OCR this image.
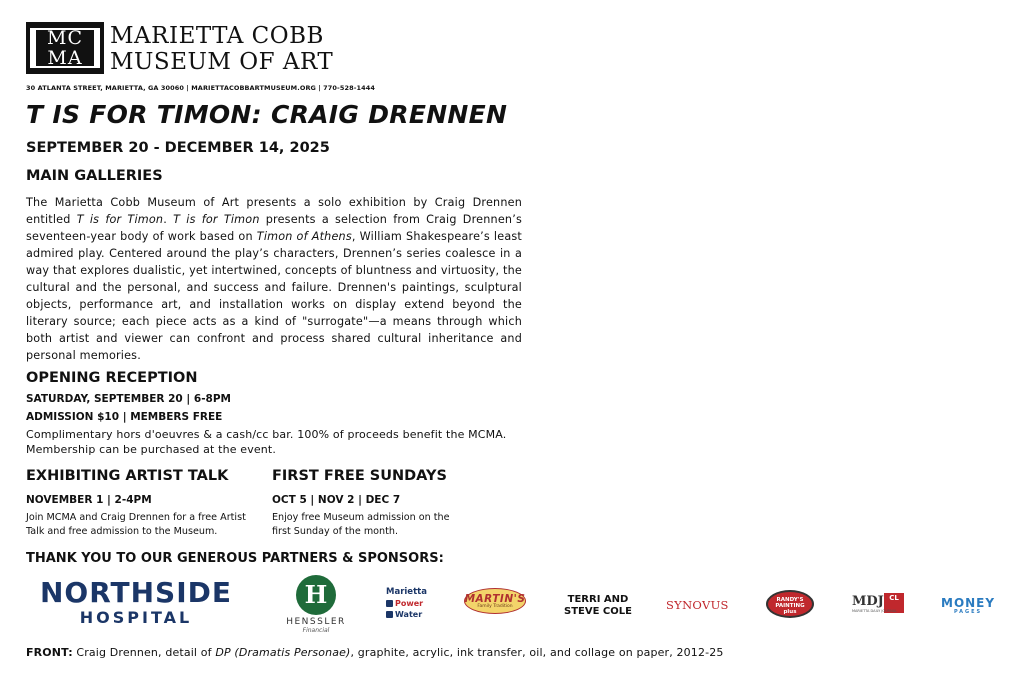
MC
MA
MARIETTA COBB
MUSEUM OF ART
30 ATLANTA STREET, MARIETTA, GA 30060 | MARIETTACOBBARTMUSEUM.ORG | 770-528-1444
T IS FOR TIMON: CRAIG DRENNEN
SEPTEMBER 20 - DECEMBER 14, 2025
MAIN GALLERIES
The Marietta Cobb Museum of Art presents a solo exhibition by Craig Drennen entitled T is for Timon. T is for Timon presents a selection from Craig Drennen’s seventeen-year body of work based on Timon of Athens, William Shakespeare’s least admired play. Centered around the play’s characters, Drennen’s series coalesce in a way that explores dualistic, yet intertwined, concepts of bluntness and virtuosity, the cultural and the personal, and success and failure. Drennen's paintings, sculptural objects, performance art, and installation works on display extend beyond the literary source; each piece acts as a kind of "surrogate"—a means through which both artist and viewer can confront and process shared cultural inheritance and personal memories.
OPENING RECEPTION
SATURDAY, SEPTEMBER 20 | 6-8PM
ADMISSION $10 | MEMBERS FREE
Complimentary hors d'oeuvres & a cash/cc bar. 100% of proceeds benefit the MCMA. Membership can be purchased at the event.
EXHIBITING ARTIST TALK
NOVEMBER 1 | 2-4PM
Join MCMA and Craig Drennen for a free Artist Talk and free admission to the Museum.
FIRST FREE SUNDAYS
OCT 5 | NOV 2 | DEC 7
Enjoy free Museum admission on the first Sunday of the month.
THANK YOU TO OUR GENEROUS PARTNERS & SPONSORS:
NORTHSIDE
HOSPITAL
H
HENSSLER
Financial
Marietta
Power
Water
MARTIN'S
Family Tradition
TERRI AND
STEVE COLE	SYNOVUS	RANDY'S PAINTING plus
MDJ CL
MARIETTA DAILY JOURNAL
MONEY
PAGES
FRONT: Craig Drennen, detail of DP (Dramatis Personae), graphite, acrylic, ink transfer, oil, and collage on paper, 2012-25
